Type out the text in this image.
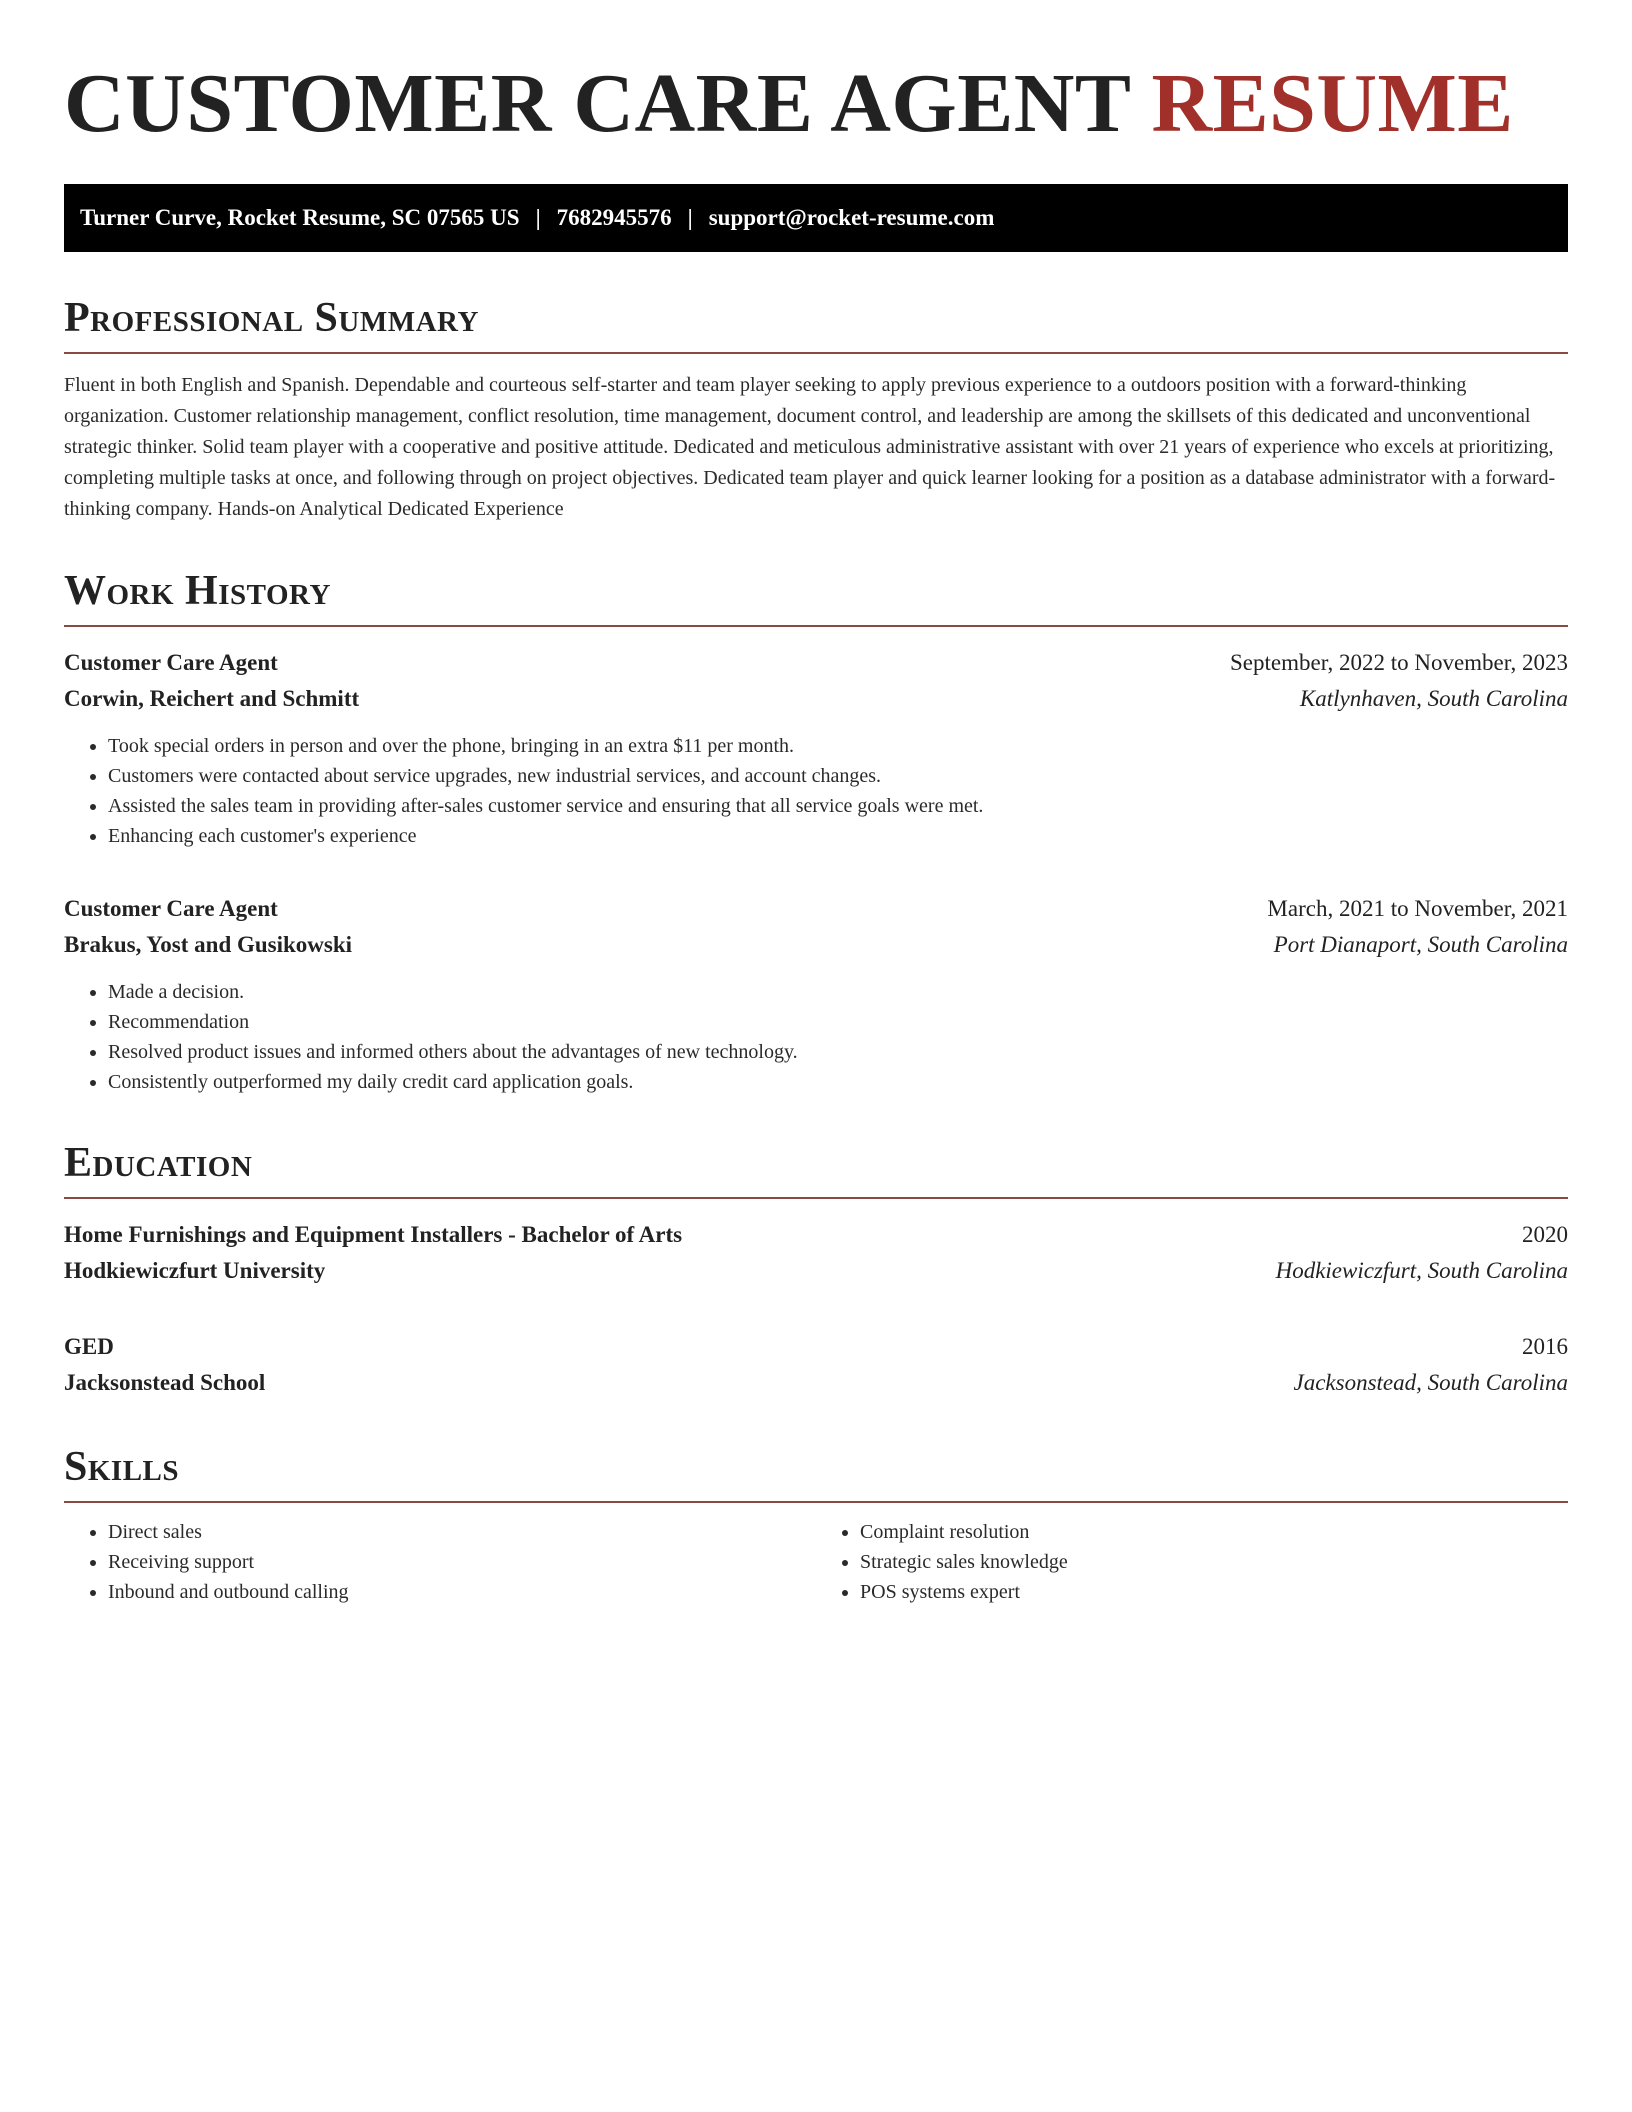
CUSTOMER CARE AGENT RESUME
Turner Curve, Rocket Resume, SC 07565 US | 7682945576 | support@rocket-resume.com
Professional Summary

Fluent in both English and Spanish. Dependable and courteous self-starter and team player seeking to apply previous experience to a outdoors position with a forward-thinking organization. Customer relationship management, conflict resolution, time management, document control, and leadership are among the skillsets of this dedicated and unconventional strategic thinker. Solid team player with a cooperative and positive attitude. Dedicated and meticulous administrative assistant with over 21 years of experience who excels at prioritizing, completing multiple tasks at once, and following through on project objectives. Dedicated team player and quick learner looking for a position as a database administrator with a forward-thinking company. Hands-on Analytical Dedicated Experience

Work History
Customer Care Agent	September, 2022 to November, 2023
Corwin, Reichert and Schmitt	Katlynhaven, South Carolina
• Took special orders in person and over the phone, bringing in an extra $11 per month.
• Customers were contacted about service upgrades, new industrial services, and account changes.
• Assisted the sales team in providing after-sales customer service and ensuring that all service goals were met.
• Enhancing each customer's experience
Customer Care Agent	March, 2021 to November, 2021
Brakus, Yost and Gusikowski	Port Dianaport, South Carolina
• Made a decision.
• Recommendation
• Resolved product issues and informed others about the advantages of new technology.
• Consistently outperformed my daily credit card application goals.
Education
Home Furnishings and Equipment Installers - Bachelor of Arts	2020
Hodkiewiczfurt University	Hodkiewiczfurt, South Carolina
GED	2016
Jacksonstead School	Jacksonstead, South Carolina
Skills
• Direct sales
• Receiving support
• Inbound and outbound calling
• Complaint resolution
• Strategic sales knowledge
• POS systems expert
